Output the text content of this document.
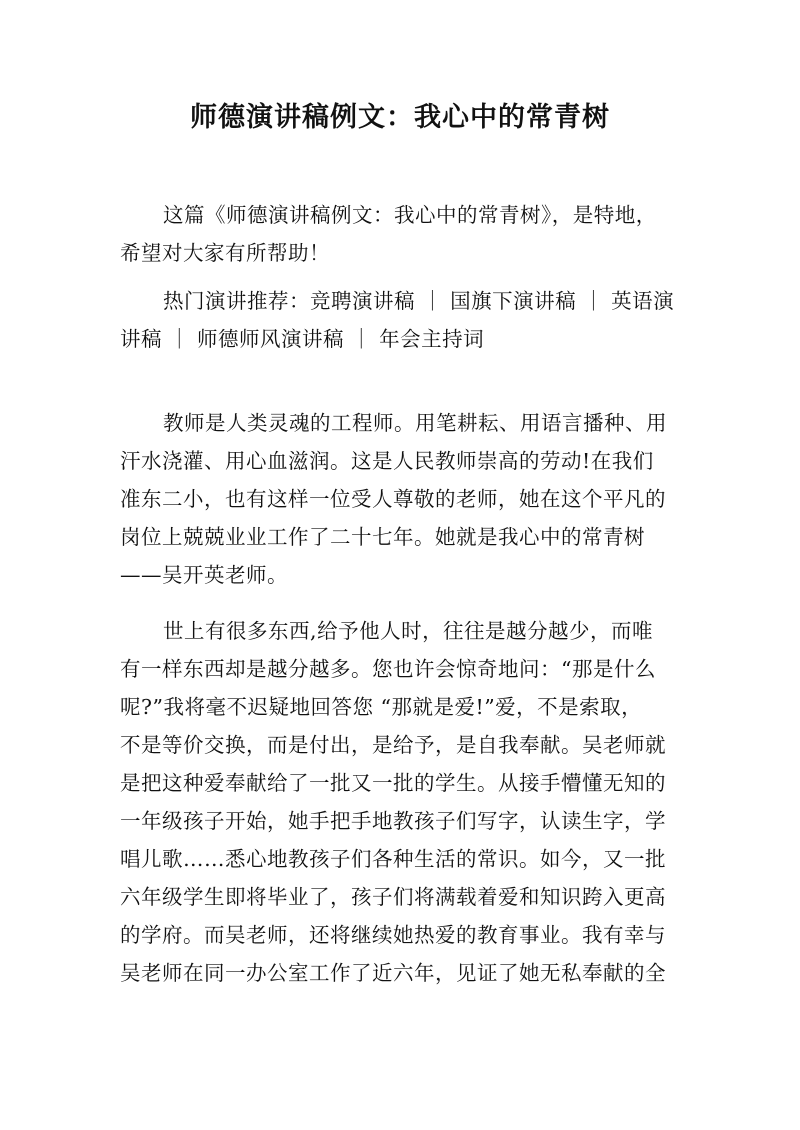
师德演讲稿例文：我心中的常青树

这篇《师德演讲稿例文：我心中的常青树》，是特地，
希望对大家有所帮助！

热门演讲推荐：竞聘演讲稿 ｜ 国旗下演讲稿 ｜ 英语演
讲稿 ｜ 师德师风演讲稿 ｜ 年会主持词

教师是人类灵魂的工程师。用笔耕耘、用语言播种、用
汗水浇灌、用心血滋润。这是人民教师崇高的劳动!在我们
准东二小，也有这样一位受人尊敬的老师，她在这个平凡的
岗位上兢兢业业工作了二十七年。她就是我心中的常青树
——吴开英老师。

世上有很多东西,给予他人时，往往是越分越少，而唯
有一样东西却是越分越多。您也许会惊奇地问：“那是什么
呢?”我将毫不迟疑地回答您 “那就是爱!”爱，不是索取，
不是等价交换，而是付出，是给予，是自我奉献。吴老师就
是把这种爱奉献给了一批又一批的学生。从接手懵懂无知的
一年级孩子开始，她手把手地教孩子们写字，认读生字，学
唱儿歌……悉心地教孩子们各种生活的常识。如今，又一批
六年级学生即将毕业了，孩子们将满载着爱和知识跨入更高
的学府。而吴老师，还将继续她热爱的教育事业。我有幸与
吴老师在同一办公室工作了近六年，见证了她无私奉献的全
